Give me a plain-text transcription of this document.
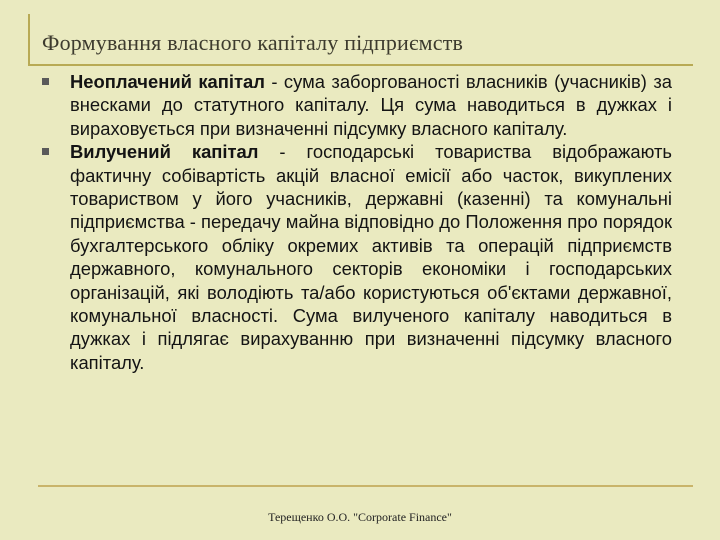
Формування власного капіталу підприємств
Неоплачений капітал - сума заборгованості власників (учасників) за внесками до статутного капіталу. Ця сума наводиться в дужках і вираховується при визначенні підсумку власного капіталу.
Вилучений капітал - господарські товариства відображають фактичну собівартість акцій власної емісії або часток, викуплених товариством у його учасників, державні (казенні) та комунальні підприємства - передачу майна відповідно до Положення про порядок бухгалтерського обліку окремих активів та операцій підприємств державного, комунального секторів економіки і господарських організацій, які володіють та/або користуються об'єктами державної, комунальної власності. Сума вилученого капіталу наводиться в дужках і підлягає вирахуванню при визначенні підсумку власного капіталу.
Терещенко О.О. "Corporate Finance"
